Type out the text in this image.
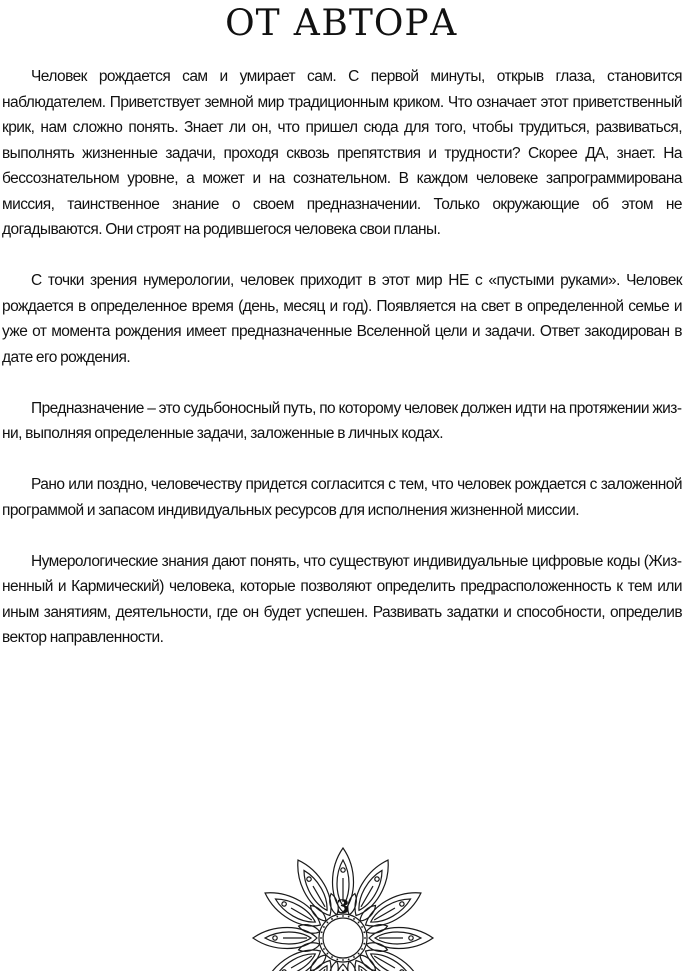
ОТ АВТОРА

Человек рождается сам и умирает сам. С первой минуты, открыв глаза, становится наблюдателем. Приветствует земной мир традиционным криком. Что означает этот приветственный крик, нам сложно понять. Знает ли он, что пришел сюда для того, чтобы трудиться, развиваться, выполнять жизненные задачи, проходя сквозь препятствия и трудности? Скорее ДА, знает. На бессознательном уровне, а может и на сознательном. В каждом человеке запрограммирована миссия, таинственное знание о своем предназначении. Только окружающие об этом не догадываются. Они строят на родившегося человека свои планы.

С точки зрения нумерологии, человек приходит в этот мир НЕ с «пустыми руками». Человек рождается в определенное время (день, месяц и год). Появляется на свет в определенной семье и уже от момента рождения имеет предназначенные Вселенной цели и задачи. Ответ закодирован в дате его рождения.

Предназначение – это судьбоносный путь, по которому человек должен идти на протяжении жизни, выполняя определенные задачи, заложенные в личных кодах.

Рано или поздно, человечеству придется согласится с тем, что человек рождается с заложенной программой и запасом индивидуальных ресурсов для исполнения жизненной миссии.

Нумерологические знания дают понять, что существуют индивидуальные цифровые коды (Жизненный и Кармический) человека, которые позволяют определить предрасположенность к тем или иным занятиям, деятельности, где он будет успешен. Развивать задатки и способности, определив вектор направленности.

3
